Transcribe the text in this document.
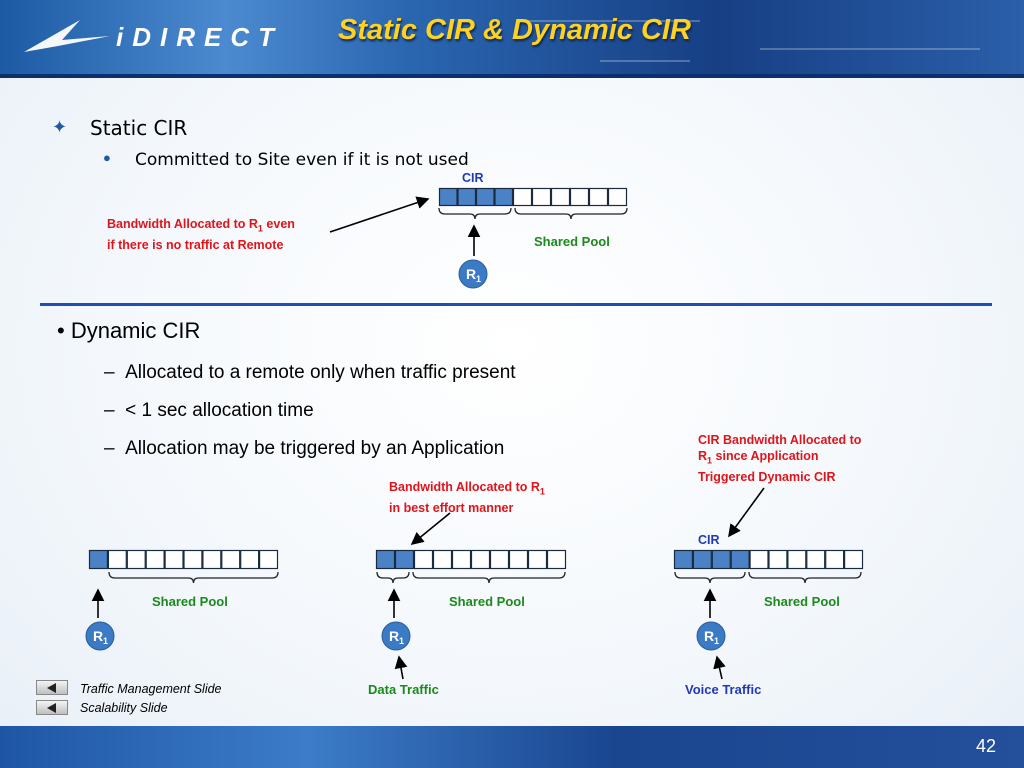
iDIRECT Static CIR & Dynamic CIR
✦ Static CIR
● Committed to Site even if it is not used
CIR
Bandwidth Allocated to $R_1$ even
if there is no traffic at Remote	Shared Pool
• Dynamic CIR
–  Allocated to a remote only when traffic present
–  < 1 sec allocation time
–  Allocation may be triggered by an Application
Bandwidth Allocated to $R_1$
in best effort manner
CIR Bandwidth Allocated to
$R_1$ since Application
Triggered Dynamic CIR
CIR
Shared Pool	Shared Pool	Shared Pool
Data Traffic	Voice Traffic
R 1
R 1	R 1	R 1
Traffic Management Slide
Scalability Slide
42
